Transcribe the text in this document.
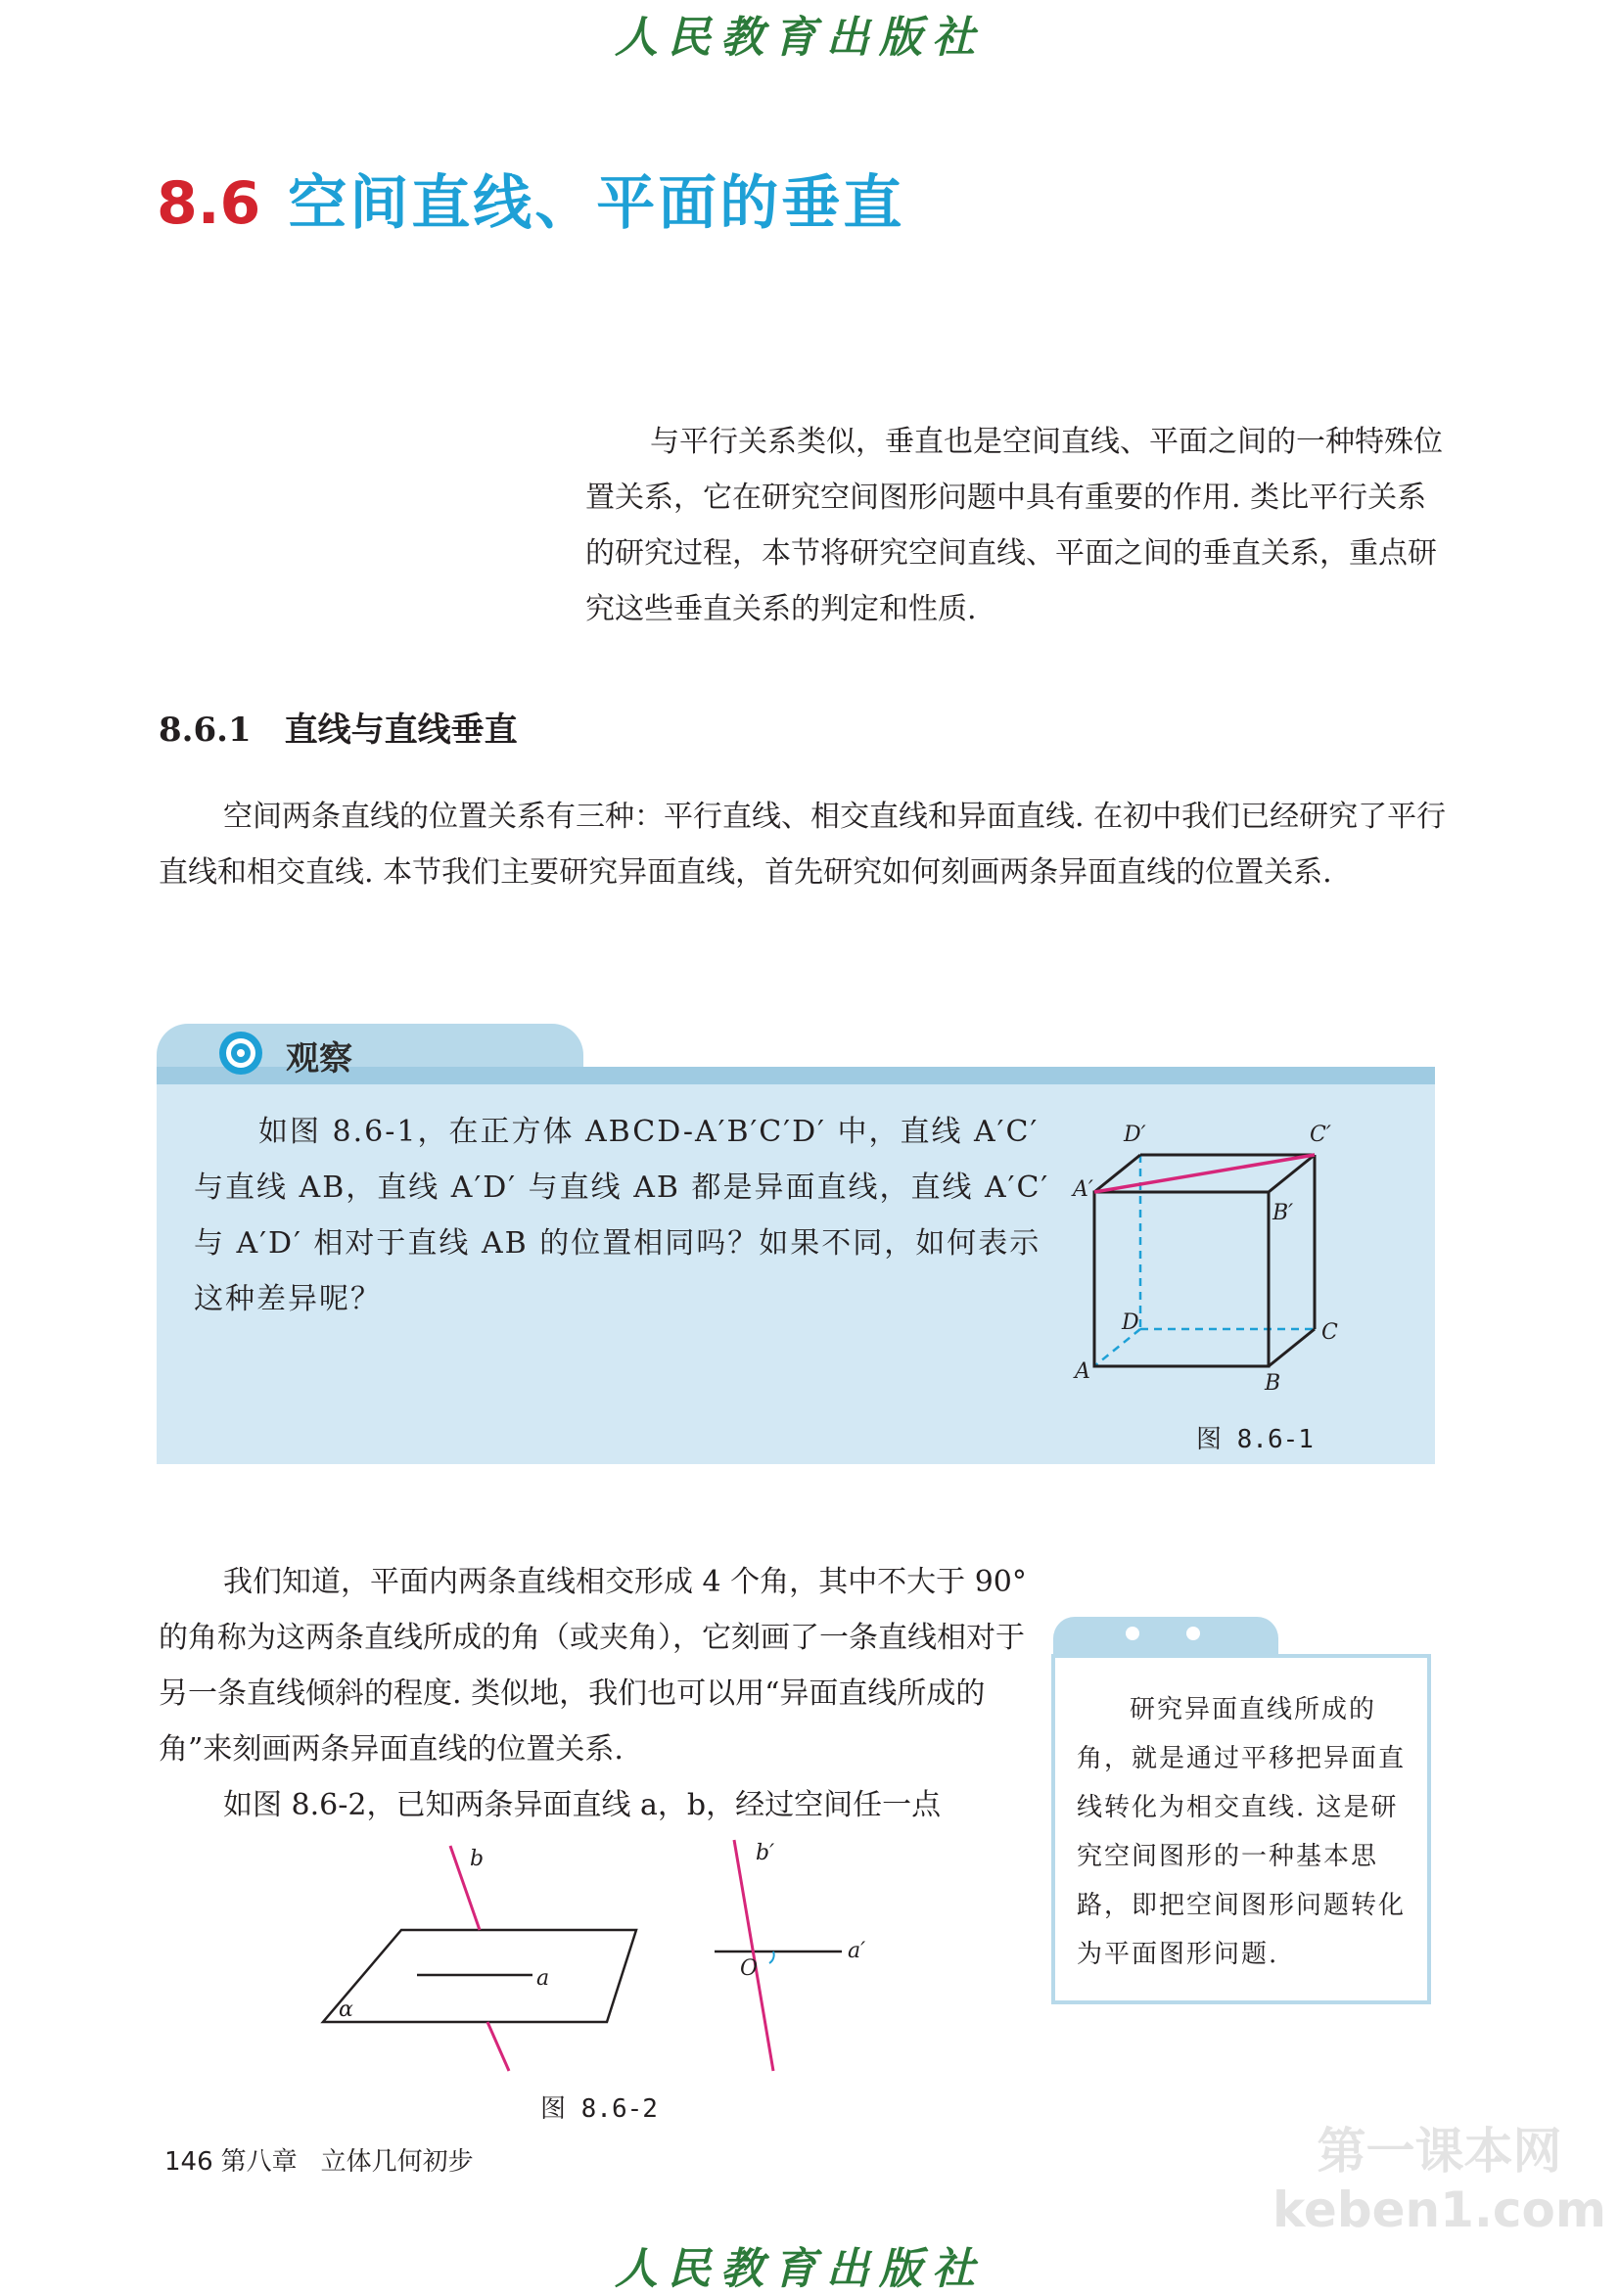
人民教育出版社
8.6 空间直线、平面的垂直
与平行关系类似，垂直也是空间直线、平面之间的一种特殊位置关系，它在研究空间图形问题中具有重要的作用. 类比平行关系的研究过程，本节将研究空间直线、平面之间的垂直关系，重点研究这些垂直关系的判定和性质.
8.6.1 直线与直线垂直
空间两条直线的位置关系有三种：平行直线、相交直线和异面直线. 在初中我们已经研究了平行直线和相交直线. 本节我们主要研究异面直线，首先研究如何刻画两条异面直线的位置关系.
观察
如图 8.6-1，在正方体 ABCD-A′B′C′D′ 中，直线 A′C′ 与直线 AB，直线 A′D′ 与直线 AB 都是异面直线，直线 A′C′ 与 A′D′ 相对于直线 AB 的位置相同吗？如果不同，如何表示这种差异呢？
D′	C′
A′
B′
D	C
A	B
图 8.6-1
我们知道，平面内两条直线相交形成 4 个角，其中不大于 90°的角称为这两条直线所成的角（或夹角），它刻画了一条直线相对于另一条直线倾斜的程度. 类似地，我们也可以用“异面直线所成的角”来刻画两条异面直线的位置关系.
如图 8.6-2，已知两条异面直线 a，b，经过空间任一点
研究异面直线所成的角，就是通过平移把异面直线转化为相交直线. 这是研究空间图形的一种基本思路，即把空间图形问题转化为平面图形问题.
b
a
α
b′
a′
O
图 8.6-2
146 第八章 立体几何初步	第一课本网
keben1.com
人民教育出版社
